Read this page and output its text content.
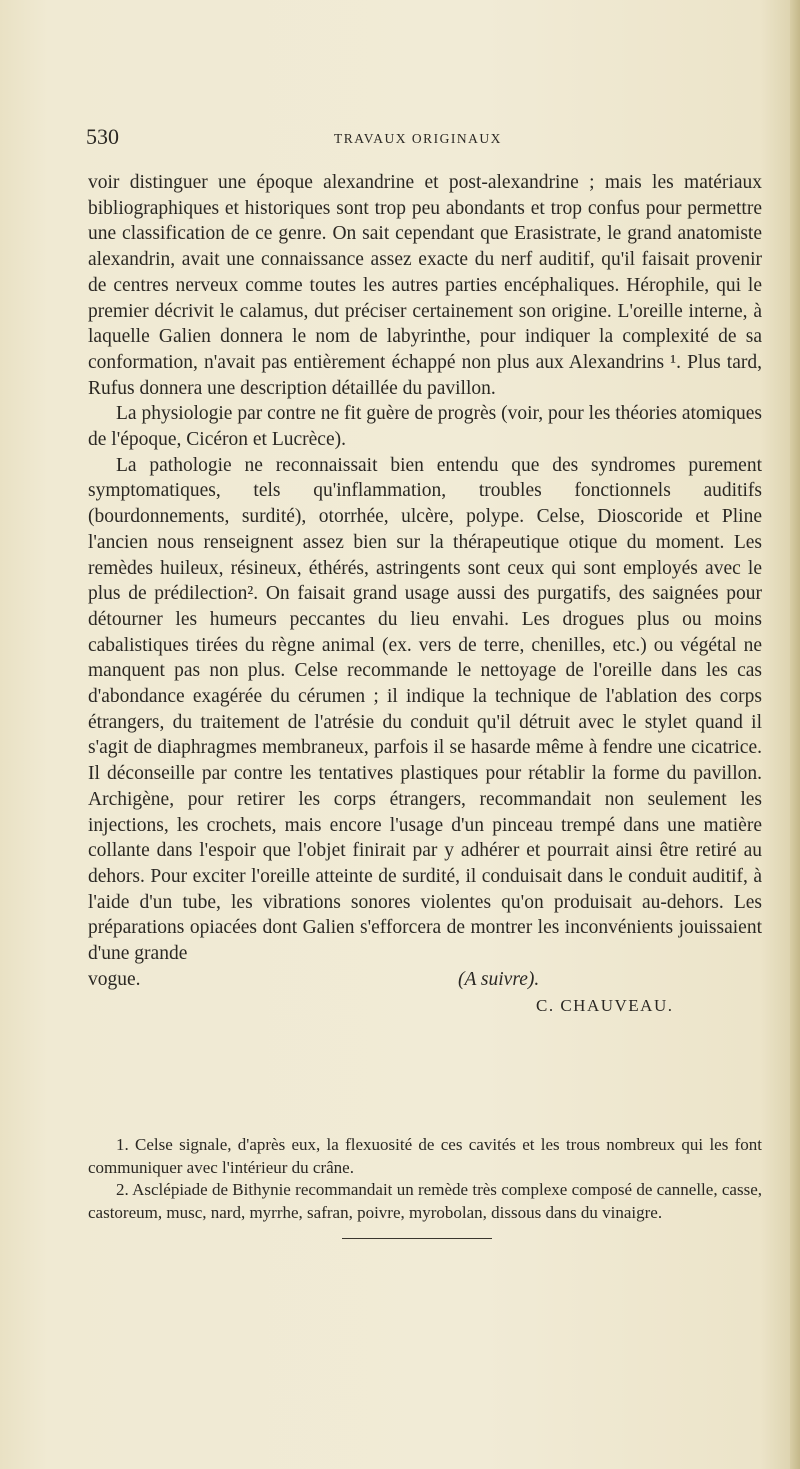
530	TRAVAUX ORIGINAUX

voir distinguer une époque alexandrine et post-alexandrine ; mais les matériaux bibliographiques et historiques sont trop peu abondants et trop confus pour permettre une classification de ce genre. On sait cependant que Erasistrate, le grand anatomiste alexandrin, avait une connaissance assez exacte du nerf auditif, qu'il faisait provenir de centres nerveux comme toutes les autres parties encéphaliques. Hérophile, qui le premier décrivit le calamus, dut préciser certainement son origine. L'oreille interne, à laquelle Galien donnera le nom de labyrinthe, pour indiquer la complexité de sa conformation, n'avait pas entièrement échappé non plus aux Alexandrins ¹. Plus tard, Rufus donnera une description détaillée du pavillon.

La physiologie par contre ne fit guère de progrès (voir, pour les théories atomiques de l'époque, Cicéron et Lucrèce).

La pathologie ne reconnaissait bien entendu que des syndromes purement symptomatiques, tels qu'inflammation, troubles fonctionnels auditifs (bourdonnements, surdité), otorrhée, ulcère, polype. Celse, Dioscoride et Pline l'ancien nous renseignent assez bien sur la thérapeutique otique du moment. Les remèdes huileux, résineux, éthérés, astringents sont ceux qui sont employés avec le plus de prédilection². On faisait grand usage aussi des purgatifs, des saignées pour détourner les humeurs peccantes du lieu envahi. Les drogues plus ou moins cabalistiques tirées du règne animal (ex. vers de terre, chenilles, etc.) ou végétal ne manquent pas non plus. Celse recommande le nettoyage de l'oreille dans les cas d'abondance exagérée du cérumen ; il indique la technique de l'ablation des corps étrangers, du traitement de l'atrésie du conduit qu'il détruit avec le stylet quand il s'agit de diaphragmes membraneux, parfois il se hasarde même à fendre une cicatrice. Il déconseille par contre les tentatives plastiques pour rétablir la forme du pavillon. Archigène, pour retirer les corps étrangers, recommandait non seulement les injections, les crochets, mais encore l'usage d'un pinceau trempé dans une matière collante dans l'espoir que l'objet finirait par y adhérer et pourrait ainsi être retiré au dehors. Pour exciter l'oreille atteinte de surdité, il conduisait dans le conduit auditif, à l'aide d'un tube, les vibrations sonores violentes qu'on produisait au-dehors. Les préparations opiacées dont Galien s'efforcera de montrer les inconvénients jouissaient d'une grande

vogue.	(A suivre).
C. CHAUVEAU.

1. Celse signale, d'après eux, la flexuosité de ces cavités et les trous nombreux qui les font communiquer avec l'intérieur du crâne.

2. Asclépiade de Bithynie recommandait un remède très complexe composé de cannelle, casse, castoreum, musc, nard, myrrhe, safran, poivre, myrobolan, dissous dans du vinaigre.
